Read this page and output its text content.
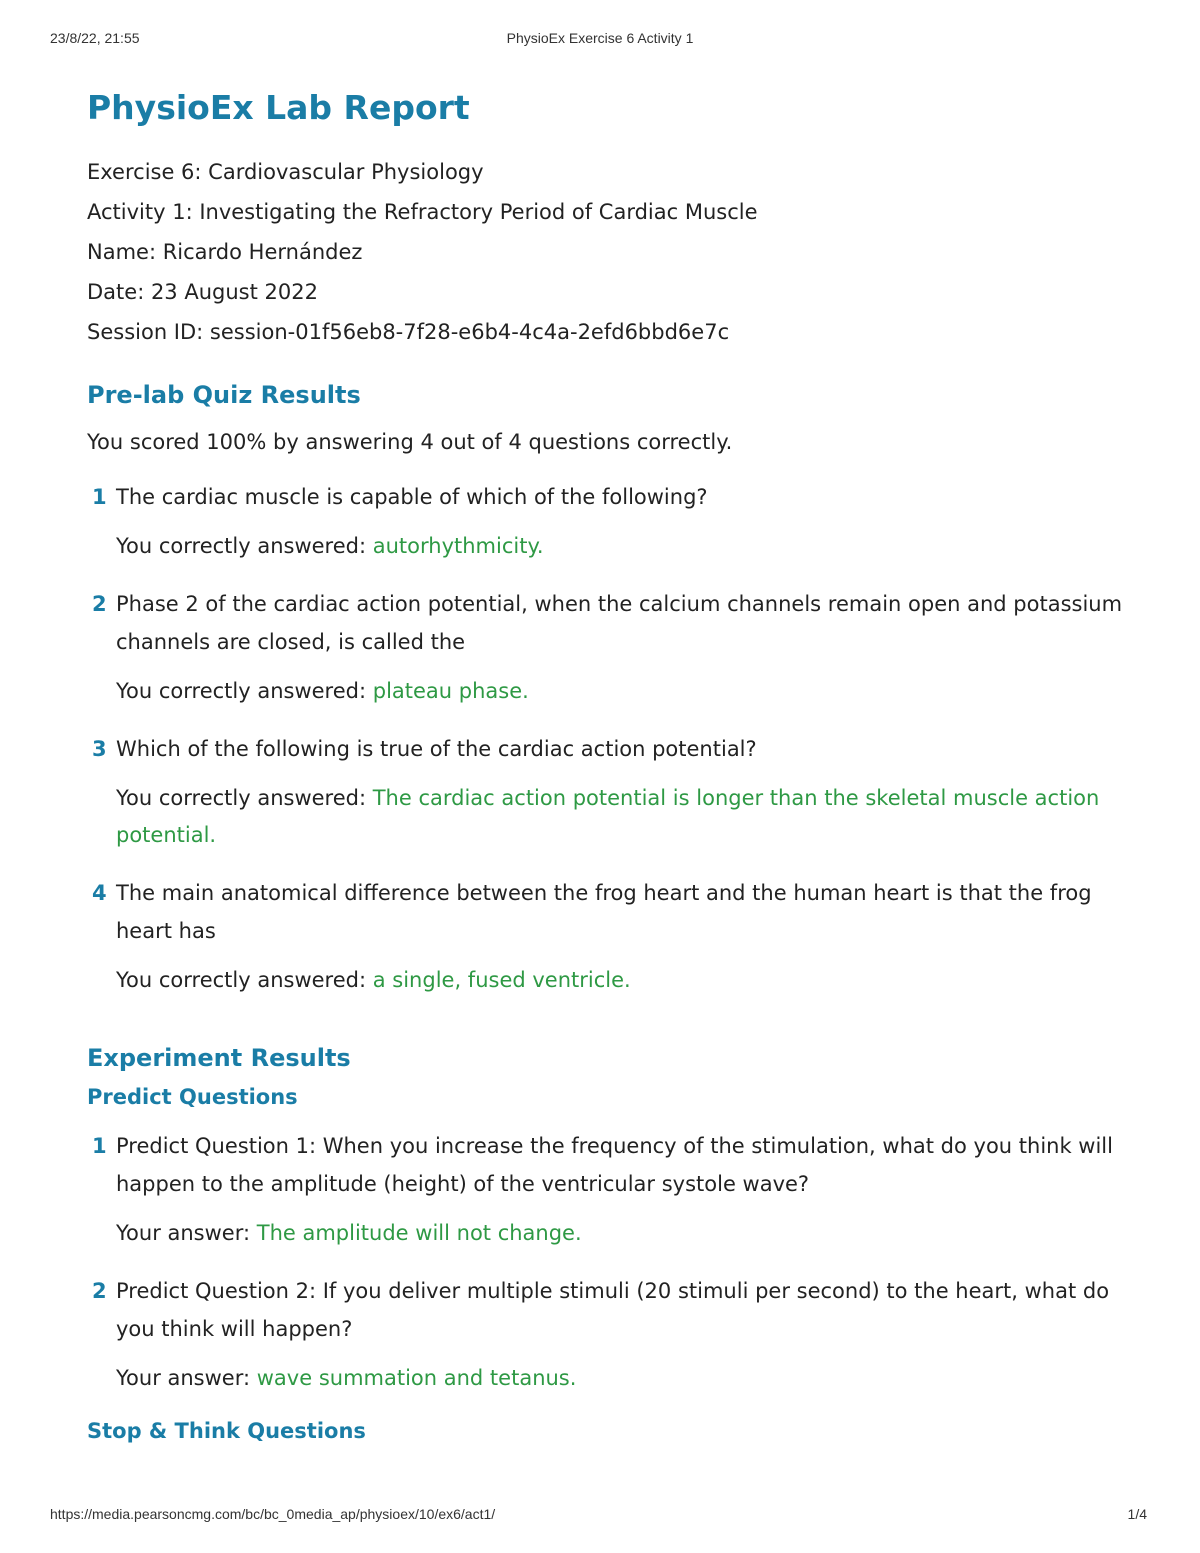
23/8/22, 21:55	PhysioEx Exercise 6 Activity 1
PhysioEx Lab Report
Exercise 6: Cardiovascular Physiology
Activity 1: Investigating the Refractory Period of Cardiac Muscle
Name: Ricardo Hernández
Date: 23 August 2022
Session ID: session-01f56eb8-7f28-e6b4-4c4a-2efd6bbd6e7c
Pre-lab Quiz Results
You scored 100% by answering 4 out of 4 questions correctly.
1 The cardiac muscle is capable of which of the following?
You correctly answered: autorhythmicity.
2 Phase 2 of the cardiac action potential, when the calcium channels remain open and potassium channels are closed, is called the
You correctly answered: plateau phase.
3 Which of the following is true of the cardiac action potential?
You correctly answered: The cardiac action potential is longer than the skeletal muscle action potential.
4 The main anatomical difference between the frog heart and the human heart is that the frog heart has
You correctly answered: a single, fused ventricle.
Experiment Results
Predict Questions
1 Predict Question 1: When you increase the frequency of the stimulation, what do you think will happen to the amplitude (height) of the ventricular systole wave?
Your answer: The amplitude will not change.
2 Predict Question 2: If you deliver multiple stimuli (20 stimuli per second) to the heart, what do you think will happen?
Your answer: wave summation and tetanus.
Stop & Think Questions
https://media.pearsoncmg.com/bc/bc_0media_ap/physioex/10/ex6/act1/	1/4
